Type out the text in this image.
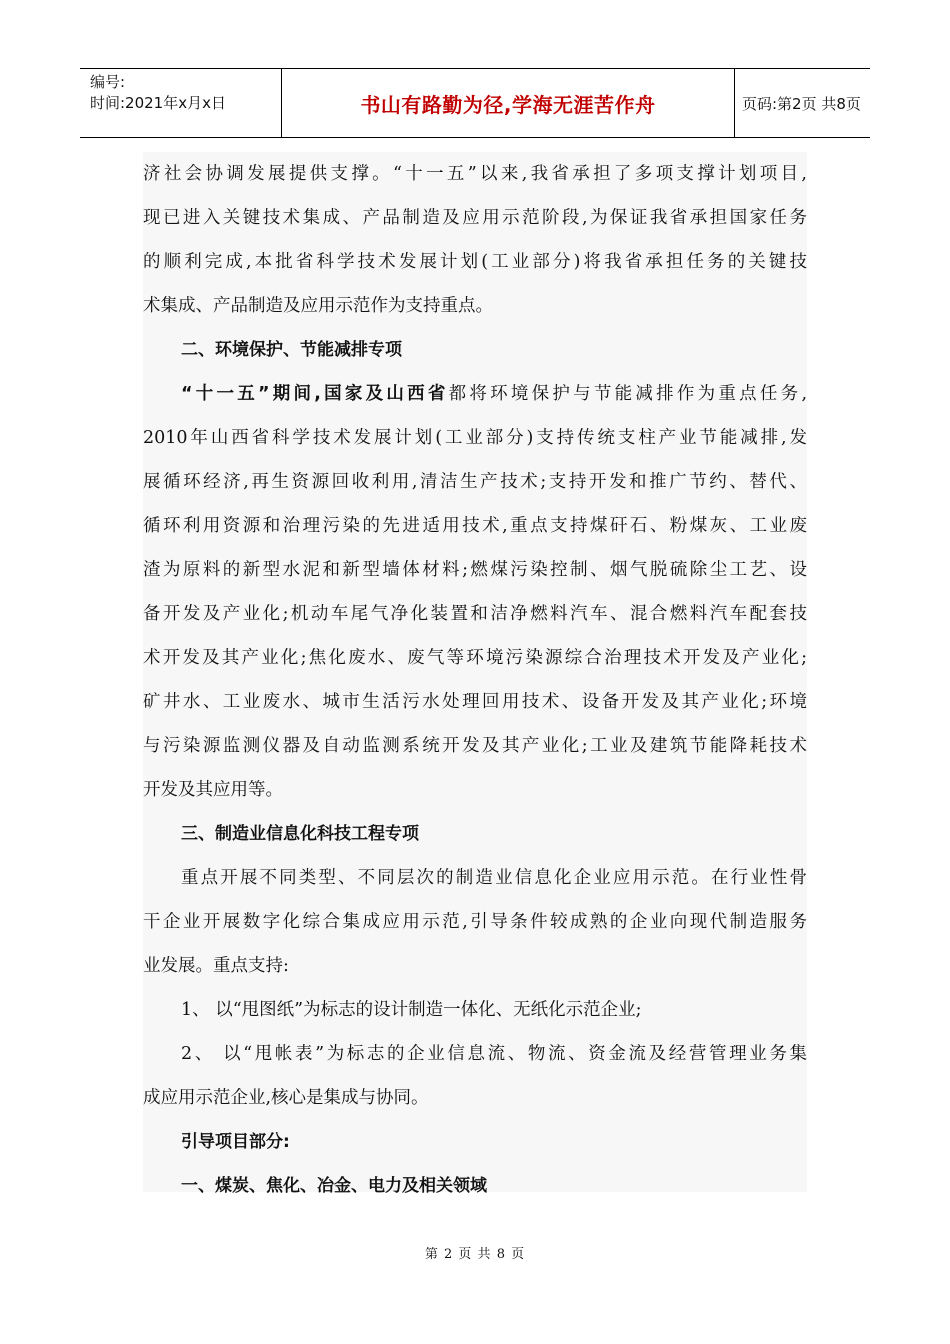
编号:
时间:2021年x月x日	书山有路勤为径,学海无涯苦作舟	页码:第2页 共8页
济社会协调发展提供支撑。“十一五”以来,我省承担了多项支撑计划项目,
现已进入关键技术集成、产品制造及应用示范阶段,为保证我省承担国家任务
的顺利完成,本批省科学技术发展计划(工业部分)将我省承担任务的关键技
术集成、产品制造及应用示范作为支持重点。
二、环境保护、节能减排专项
“十一五”期间,国家及山西省都将环境保护与节能减排作为重点任务,
2010年山西省科学技术发展计划(工业部分)支持传统支柱产业节能减排,发
展循环经济,再生资源回收利用,清洁生产技术;支持开发和推广节约、替代、
循环利用资源和治理污染的先进适用技术,重点支持煤矸石、粉煤灰、工业废
渣为原料的新型水泥和新型墙体材料;燃煤污染控制、烟气脱硫除尘工艺、设
备开发及产业化;机动车尾气净化装置和洁净燃料汽车、混合燃料汽车配套技
术开发及其产业化;焦化废水、废气等环境污染源综合治理技术开发及产业化;
矿井水、工业废水、城市生活污水处理回用技术、设备开发及其产业化;环境
与污染源监测仪器及自动监测系统开发及其产业化;工业及建筑节能降耗技术
开发及其应用等。
三、制造业信息化科技工程专项
重点开展不同类型、不同层次的制造业信息化企业应用示范。在行业性骨
干企业开展数字化综合集成应用示范,引导条件较成熟的企业向现代制造服务
业发展。重点支持:
1、 以“甩图纸”为标志的设计制造一体化、无纸化示范企业;
2、 以“甩帐表”为标志的企业信息流、物流、资金流及经营管理业务集
成应用示范企业,核心是集成与协同。
引导项目部分:
一、煤炭、焦化、冶金、电力及相关领域
第 2 页 共 8 页
